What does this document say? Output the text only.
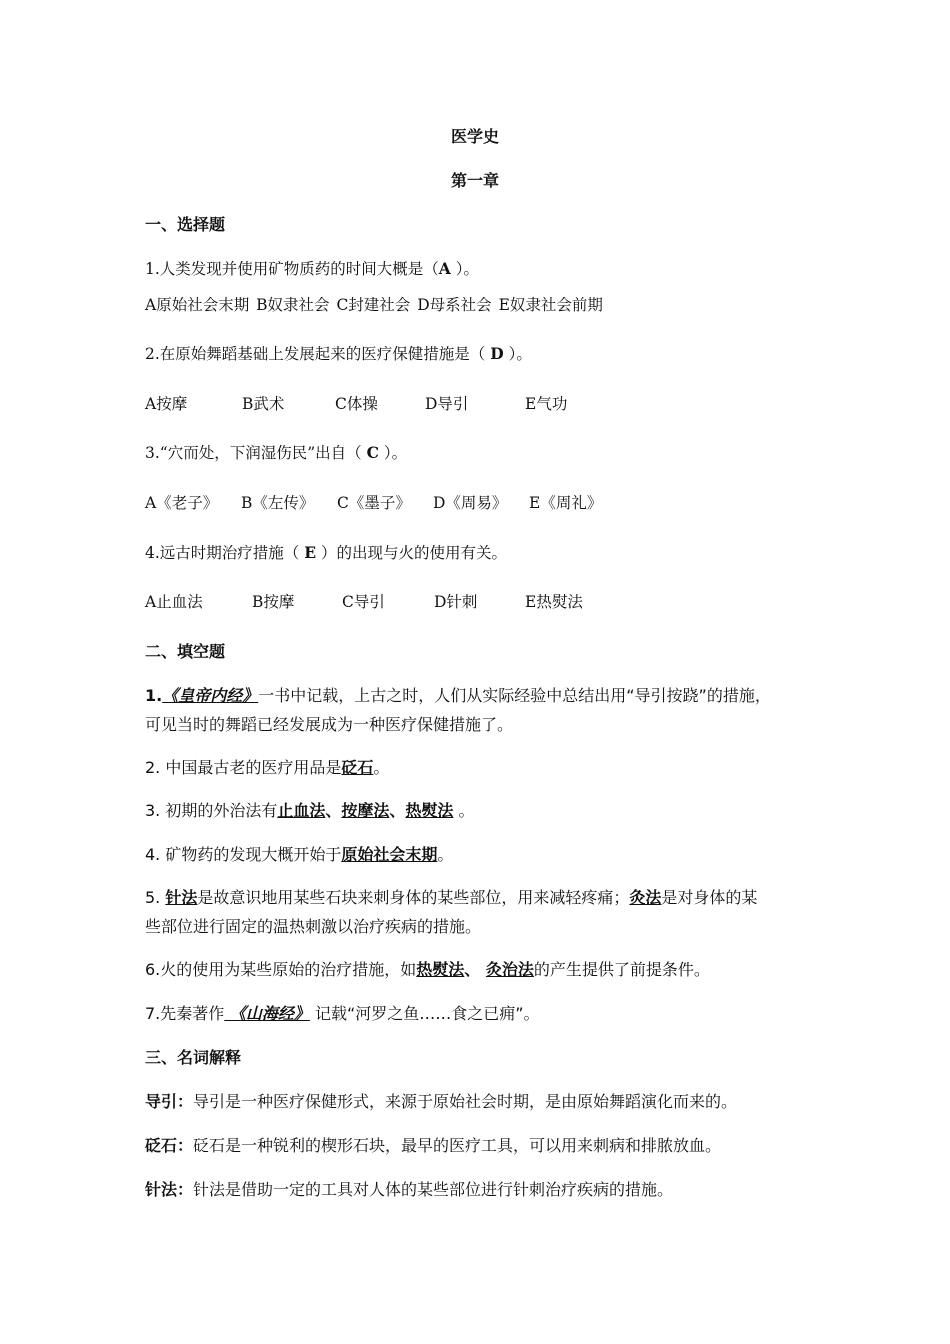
医学史
第一章
一、选择题
1.人类发现并使用矿物质药的时间大概是（A ）。
A原始社会末期 B奴隶社会 C封建社会 D母系社会 E奴隶社会前期
2.在原始舞蹈基础上发展起来的医疗保健措施是（ D ）。
A按摩	B武术	C体操	D导引	E气功
3.“穴而处，下润湿伤民”出自（ C ）。
A《老子》 B《左传》 C《墨子》 D《周易》 E《周礼》
4.远古时期治疗措施（ E ）的出现与火的使用有关。
A止血法	B按摩	C导引	D针刺	E热熨法
二、填空题
1.《皇帝内经》一书中记载，上古之时，人们从实际经验中总结出用“导引按跷”的措施，
可见当时的舞蹈已经发展成为一种医疗保健措施了。
2. 中国最古老的医疗用品是砭石。
3. 初期的外治法有止血法、按摩法、热熨法 。
4. 矿物药的发现大概开始于原始社会末期。
5. 针法是故意识地用某些石块来刺身体的某些部位，用来减轻疼痛；灸法是对身体的某
些部位进行固定的温热刺激以治疗疾病的措施。
6.火的使用为某些原始的治疗措施，如热熨法、 灸治法的产生提供了前提条件。
7.先秦著作 《山海经》 记载“河罗之鱼……食之已痈”。
三、名词解释
导引：导引是一种医疗保健形式，来源于原始社会时期，是由原始舞蹈演化而来的。
砭石：砭石是一种锐利的楔形石块，最早的医疗工具，可以用来刺病和排脓放血。
针法：针法是借助一定的工具对人体的某些部位进行针刺治疗疾病的措施。
